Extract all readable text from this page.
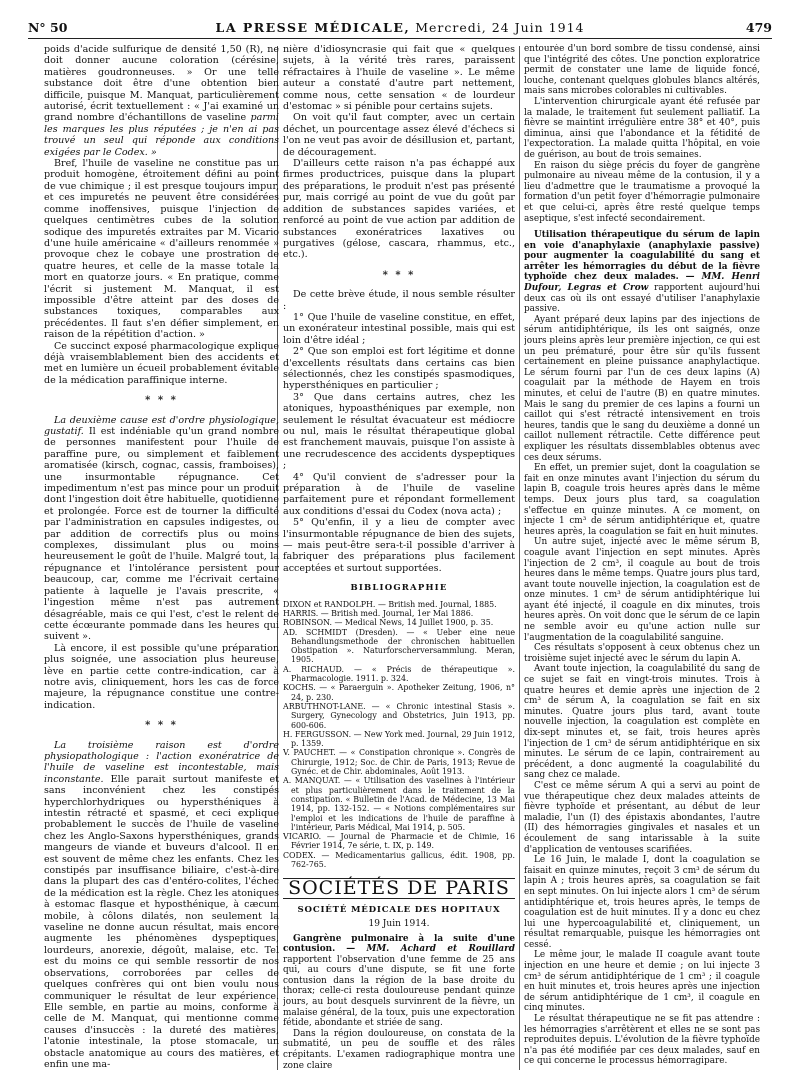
N° 50	LA PRESSE MÉDICALE, Mercredi, 24 Juin 1914	479

poids d'acide sulfurique de densité 1,50 (R), ne doit donner aucune coloration (cérésine, matières goudronneuses. » Or une telle substance doit être d'une obtention bien difficile, puisque M. Manquat, particulièrement autorisé, écrit textuellement : « J'ai examiné un grand nombre d'échantillons de vaseline parmi les marques les plus réputées ; je n'en ai pas trouvé un seul qui réponde aux conditions exigées par le Codex. »

Bref, l'huile de vaseline ne constitue pas un produit homogène, étroitement défini au point de vue chimique ; il est presque toujours impur, et ces impuretés ne peuvent être considérées comme inoffensives, puisque l'injection de quelques centimètres cubes de la solution sodique des impuretés extraites par M. Vicario d'une huile américaine « d'ailleurs renommée » provoque chez le cobaye une prostration de quatre heures, et celle de la masse totale la mort en quatorze jours. « En pratique, comme l'écrit si justement M. Manquat, il est impossible d'être atteint par des doses de substances toxiques, comparables aux précédentes. Il faut s'en défier simplement, en raison de la répétition d'action. »

Ce succinct exposé pharmacologique explique déjà vraisemblablement bien des accidents et met en lumière un écueil probablement évitable de la médication paraffinique interne.

* * *

La deuxième cause est d'ordre physiologique, gustatif. Il est indéniable qu'un grand nombre de personnes manifestent pour l'huile de paraffine pure, ou simplement et faiblement aromatisée (kirsch, cognac, cassis, framboises), une insurmontable répugnance. Cet impedimentum n'est pas mince pour un produit dont l'ingestion doit être habituelle, quotidienne et prolongée. Force est de tourner la difficulté par l'administration en capsules indigestes, ou par addition de correctifs plus ou moins complexes, dissimulant plus ou moins heureusement le goût de l'huile. Malgré tout, la répugnance et l'intolérance persistent pour beaucoup, car, comme me l'écrivait certaine patiente à laquelle je l'avais prescrite, « l'ingestion même n'est pas autrement désagréable, mais ce qui l'est, c'est le relent de cette écœurante pommade dans les heures qui suivent ».

Là encore, il est possible qu'une préparation plus soignée, une association plus heureuse, lève en partie cette contre-indication, car à notre avis, cliniquement, hors les cas de force majeure, la répugnance constitue une contre-indication.

* * *

La troisième raison est d'ordre physiopathologique : l'action exonératrice de l'huile de vaseline est incontestable, mais inconstante. Elle parait surtout manifeste et sans inconvénient chez les constipés hyperchlorhydriques ou hypersthéniques à intestin rétracté et spasmé, et ceci explique probablement le succès de l'huile de vaseline chez les Anglo-Saxons hypersthéniques, grands mangeurs de viande et buveurs d'alcool. Il en est souvent de même chez les enfants. Chez les constipés par insuffisance biliaire, c'est-à-dire dans la plupart des cas d'entéro-colites, l'échec de la médication est la règle. Chez les atoniques à estomac flasque et hyposthénique, à cæcum mobile, à côlons dilatés, non seulement la vaseline ne donne aucun résultat, mais encore augmente les phénomènes dyspeptiques, lourdeurs, anorexie, dégoût, malaise, etc. Tel est du moins ce qui semble ressortir de nos observations, corroborées par celles de quelques confrères qui ont bien voulu nous communiquer le résultat de leur expérience. Elle semble, en partie au moins, conforme à celle de M. Manquat, qui mentionne comme causes d'insuccès : la dureté des matières, l'atonie intestinale, la ptose stomacale, un obstacle anatomique au cours des matières, et enfin une ma-

nière d'idiosyncrasie qui fait que « quelques sujets, à la vérité très rares, paraissent réfractaires à l'huile de vaseline ». Le même auteur a constaté d'autre part nettement, comme nous, cette sensation « de lourdeur d'estomac » si pénible pour certains sujets.

On voit qu'il faut compter, avec un certain déchet, un pourcentage assez élevé d'échecs si l'on ne veut pas avoir de désillusion et, partant, de découragement.

D'ailleurs cette raison n'a pas échappé aux firmes productrices, puisque dans la plupart des préparations, le produit n'est pas présenté pur, mais corrigé au point de vue du goût par addition de substances sapides variées, et renforcé au point de vue action par addition de substances exonératrices laxatives ou purgatives (gélose, cascara, rhammus, etc., etc.).

* * *

De cette brève étude, il nous semble résulter :

1° Que l'huile de vaseline constitue, en effet, un exonérateur intestinal possible, mais qui est loin d'être idéal ;

2° Que son emploi est fort légitime et donne d'excellents résultats dans certains cas bien sélectionnés, chez les constipés spasmodiques, hypersthéniques en particulier ;

3° Que dans certains autres, chez les atoniques, hypoasthéniques par exemple, non seulement le résultat évacuateur est médiocre ou nul, mais le résultat thérapeutique global est franchement mauvais, puisque l'on assiste à une recrudescence des accidents dyspeptiques ;

4° Qu'il convient de s'adresser pour la préparation à de l'huile de vaseline parfaitement pure et répondant formellement aux conditions d'essai du Codex (nova acta) ;

5° Qu'enfin, il y a lieu de compter avec l'insurmontable répugnance de bien des sujets, — mais peut-être sera-t-il possible d'arriver à fabriquer des préparations plus facilement acceptées et surtout supportées.

BIBLIOGRAPHIE

DIXON et RANDOLPH. — British med. Journal, 1885.

HARRIS. — British med. Journal, 1er Mai 1886.

ROBINSON. — Medical News, 14 Juillet 1900, p. 35.

AD. SCHMIDT (Dresden). — « Ueber eine neue Behandlungsmethode der chronischen habituellen Obstipation ». Naturforscherversammlung. Meran, 1905.

A. RICHAUD. — « Précis de thérapeutique ». Pharmacologie. 1911. p. 324.

KOCHS. — « Paraerguin ». Apotheker Zeitung, 1906, n° 24, p. 230.

ARBUTHNOT-LANE. — « Chronic intestinal Stasis ». Surgery, Gynecology and Obstetrics, Juin 1913, pp. 600-606.

H. FERGUSSON. — New York med. Journal, 29 Juin 1912, p. 1359.

V. PAUCHET. — « Constipation chronique ». Congrès de Chirurgie, 1912; Soc. de Chir. de Paris, 1913; Revue de Gynéc. et de Chir. abdominales, Août 1913.

A. MANQUAT. — « Utilisation des vaselines à l'intérieur et plus particulièrement dans le traitement de la constipation. « Bulletin de l'Acad. de Médecine, 13 Mai 1914, pp. 132-152. — « Notions complémentaires sur l'emploi et les indications de l'huile de paraffine à l'intérieur, Paris Médical, Mai 1914, p. 505.

VICARIO. — Journal de Pharmacie et de Chimie, 16 Février 1914, 7e série, t. IX, p. 149.

CODEX. — Medicamentarius gallicus, édit. 1908, pp. 762-765.

SOCIÉTÉS DE PARIS
SOCIÉTÉ MÉDICALE DES HOPITAUX
19 Juin 1914.

Gangrène pulmonaire à la suite d'une contusion. — MM. Achard et Rouillard rapportent l'observation d'une femme de 25 ans qui, au cours d'une dispute, se fit une forte contusion dans la région de la base droite du thorax; celle-ci resta douloureuse pendant quinze jours, au bout desquels survinrent de la fièvre, un malaise général, de la toux, puis une expectoration fétide, abondante et striée de sang.

Dans la région douloureuse, on constata de la submatité, un peu de souffle et des râles crépitants. L'examen radiographique montra une zone claire

entourée d'un bord sombre de tissu condensé, ainsi que l'intégrité des côtes. Une ponction exploratrice permit de constater une lame de liquide foncé, louche, contenant quelques globules blancs altérés, mais sans microbes colorables ni cultivables.

L'intervention chirurgicale ayant été refusée par la malade, le traitement fut seulement palliatif. La fièvre se maintint irrégulière entre 38° et 40°, puis diminua, ainsi que l'abondance et la fétidité de l'expectoration. La malade quitta l'hôpital, en voie de guérison, au bout de trois semaines.

En raison du siège précis du foyer de gangrène pulmonaire au niveau même de la contusion, il y a lieu d'admettre que le traumatisme a provoqué la formation d'un petit foyer d'hémorragie pulmonaire et que celui-ci, après être resté quelque temps aseptique, s'est infecté secondairement.

Utilisation thérapeutique du sérum de lapin en voie d'anaphylaxie (anaphylaxie passive) pour augmenter la coagulabilité du sang et arrêter les hémorragies du début de la fièvre typhoïde chez deux malades. — MM. Henri Dufour, Legras et Crow rapportent aujourd'hui deux cas où ils ont essayé d'utiliser l'anaphylaxie passive.

Ayant préparé deux lapins par des injections de sérum antidiphtérique, ils les ont saignés, onze jours pleins après leur première injection, ce qui est un peu prématuré, pour être sûr qu'ils fussent certainement en pleine puissance anaphylactique. Le sérum fourni par l'un de ces deux lapins (A) coagulait par la méthode de Hayem en trois minutes, et celui de l'autre (B) en quatre minutes. Mais le sang du premier de ces lapins a fourni un caillot qui s'est rétracté intensivement en trois heures, tandis que le sang du deuxième a donné un caillot nullement rétractile. Cette différence peut expliquer les résultats dissemblables obtenus avec ces deux sérums.

En effet, un premier sujet, dont la coagulation se fait en onze minutes avant l'injection du sérum du lapin B, coagule trois heures après dans le même temps. Deux jours plus tard, sa coagulation s'effectue en quinze minutes. A ce moment, on injecte 1 cm³ de sérum antidiphtérique et, quatre heures après, la coagulation se fait en huit minutes.

Un autre sujet, injecté avec le même sérum B, coagule avant l'injection en sept minutes. Après l'injection de 2 cm³, il coagule au bout de trois heures dans le même temps. Quatre jours plus tard, avant toute nouvelle injection, la coagulation est de onze minutes. 1 cm³ de sérum antidiphtérique lui ayant été injecté, il coagule en dix minutes, trois heures après. On voit donc que le sérum de ce lapin ne semble avoir eu qu'une action nulle sur l'augmentation de la coagulabilité sanguine.

Ces résultats s'opposent à ceux obtenus chez un troisième sujet injecté avec le sérum du lapin A.

Avant toute injection, la coagulabilité du sang de ce sujet se fait en vingt-trois minutes. Trois à quatre heures et demie après une injection de 2 cm³ de sérum A, la coagulation se fait en six minutes. Quatre jours plus tard, avant toute nouvelle injection, la coagulation est complète en dix-sept minutes et, se fait, trois heures après l'injection de 1 cm³ de sérum antidiphtérique en six minutes. Le sérum de ce lapin, contrairement au précédent, a donc augmenté la coagulabilité du sang chez ce malade.

C'est ce même sérum A qui a servi au point de vue thérapeutique chez deux malades atteints de fièvre typhoïde et présentant, au début de leur maladie, l'un (I) des épistaxis abondantes, l'autre (II) des hémorragies gingivales et nasales et un écoulement de sang intarissable à la suite d'application de ventouses scarifiées.

Le 16 Juin, le malade I, dont la coagulation se faisait en quinze minutes, reçoit 3 cm³ de sérum du lapin A ; trois heures après, sa coagulation se fait en sept minutes. On lui injecte alors 1 cm³ de sérum antidiphtérique et, trois heures après, le temps de coagulation est de huit minutes. Il y a donc eu chez lui une hypercoagulabilité et, cliniquement, un résultat remarquable, puisque les hémorragies ont cessé.

Le même jour, le malade II coagule avant toute injection en une heure et demie ; on lui injecte 3 cm³ de sérum antidiphtérique de 1 cm³ ; il coagule en huit minutes et, trois heures après une injection de sérum antidiphtérique de 1 cm³, il coagule en cinq minutes.

Le résultat thérapeutique ne se fit pas attendre : les hémorragies s'arrêtèrent et elles ne se sont pas reproduites depuis. L'évolution de la fièvre typhoïde n'a pas été modifiée par ces deux malades, sauf en ce qui concerne le processus hémorragipare.
